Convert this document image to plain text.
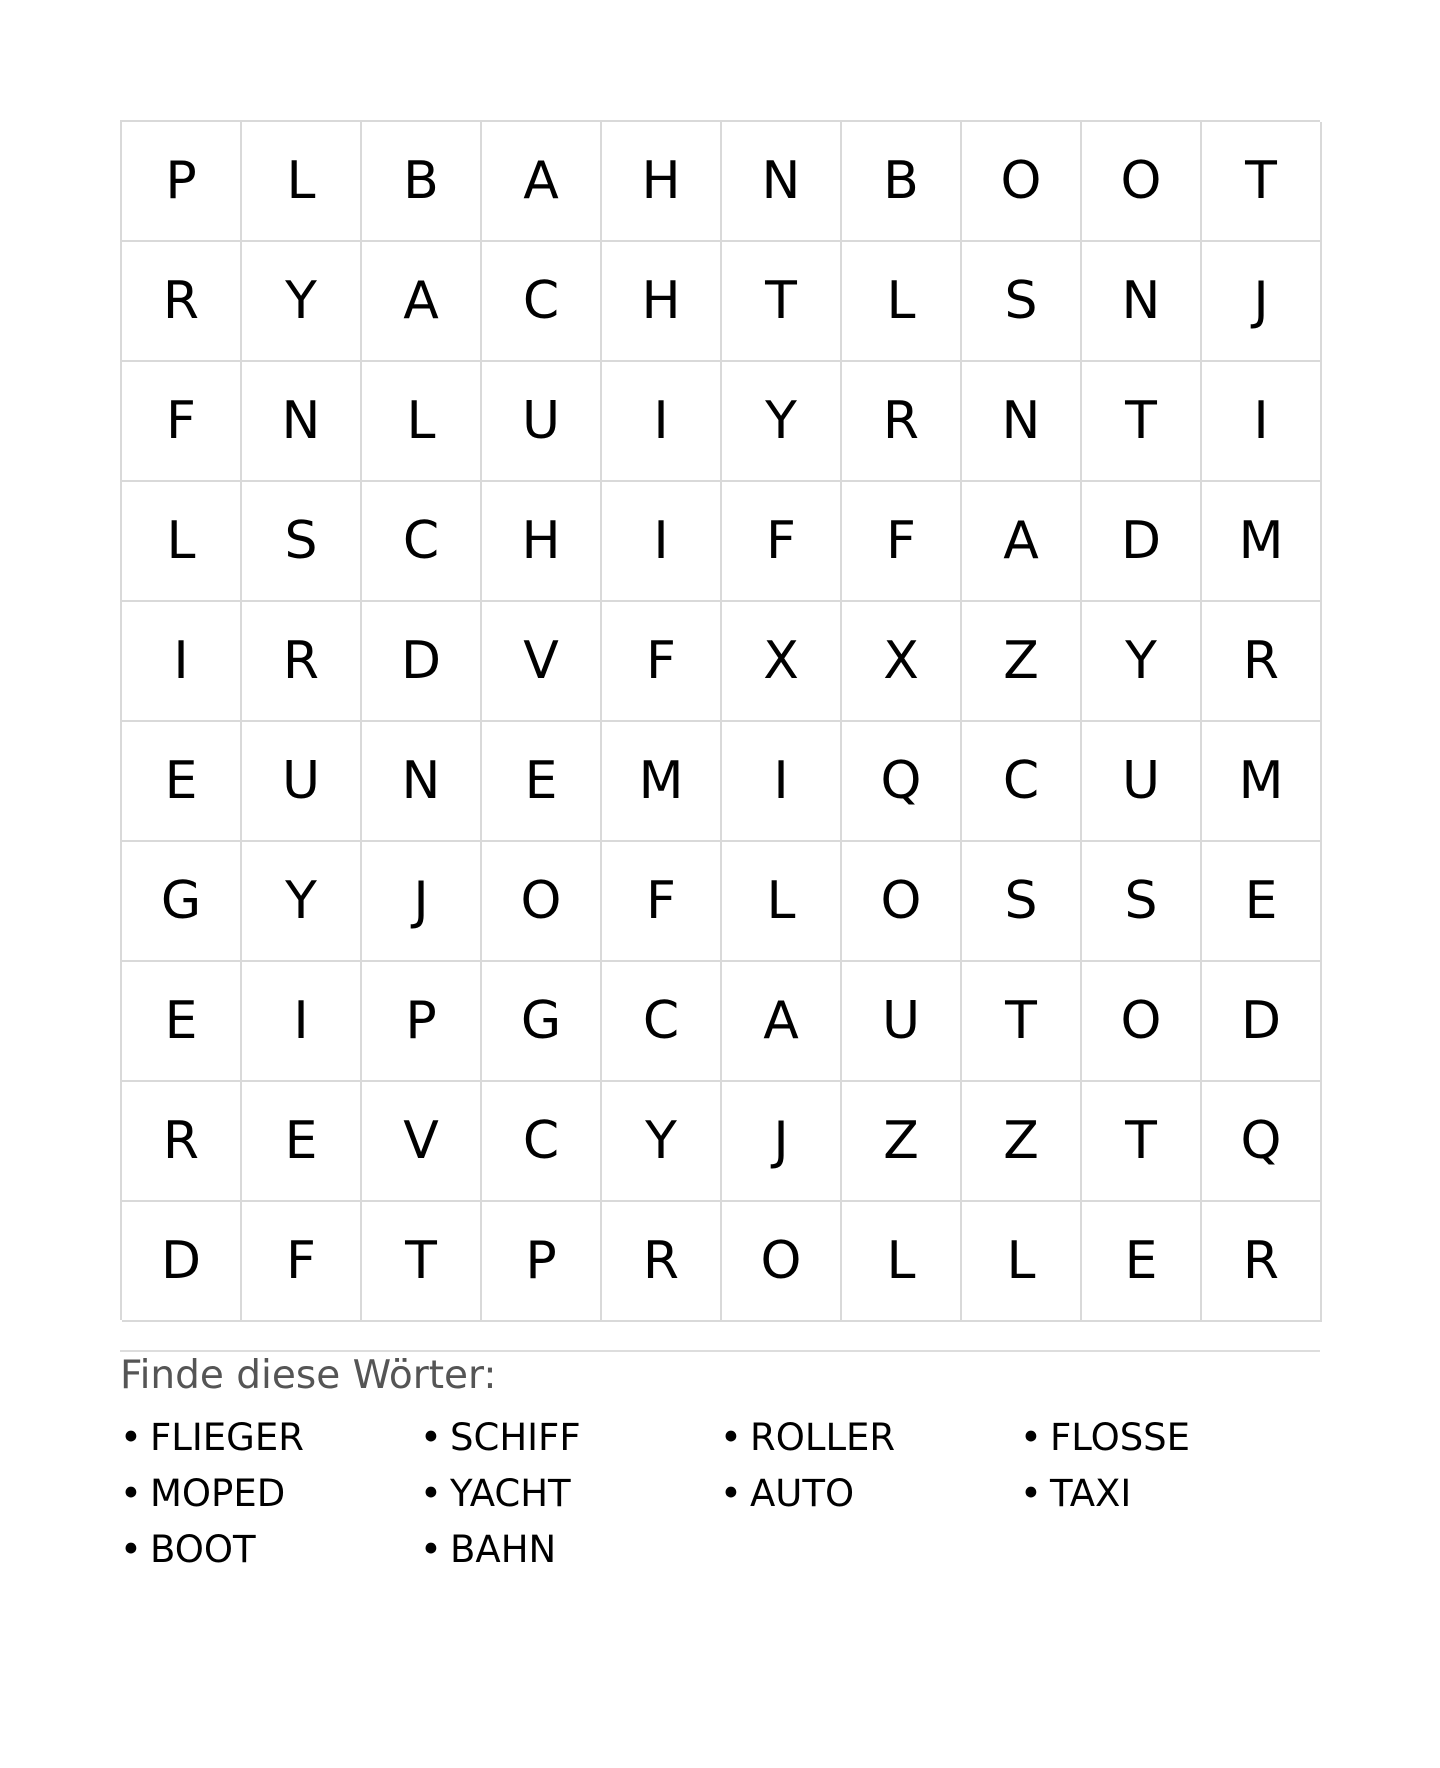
P	L	B	A	H	N	B	O	O	T
R	Y	A	C	H	T	L	S	N	J
F	N	L	U	I	Y	R	N	T	I
L	S	C	H	I	F	F	A	D	M
I	R	D	V	F	X	X	Z	Y	R
E	U	N	E	M	I	Q	C	U	M
G	Y	J	O	F	L	O	S	S	E
E	I	P	G	C	A	U	T	O	D
R	E	V	C	Y	J	Z	Z	T	Q
D	F	T	P	R	O	L	L	E	R
Finde diese Wörter:
• FLIEGER	• SCHIFF	• ROLLER	• FLOSSE
• MOPED	• YACHT	• AUTO	• TAXI
• BOOT	• BAHN
